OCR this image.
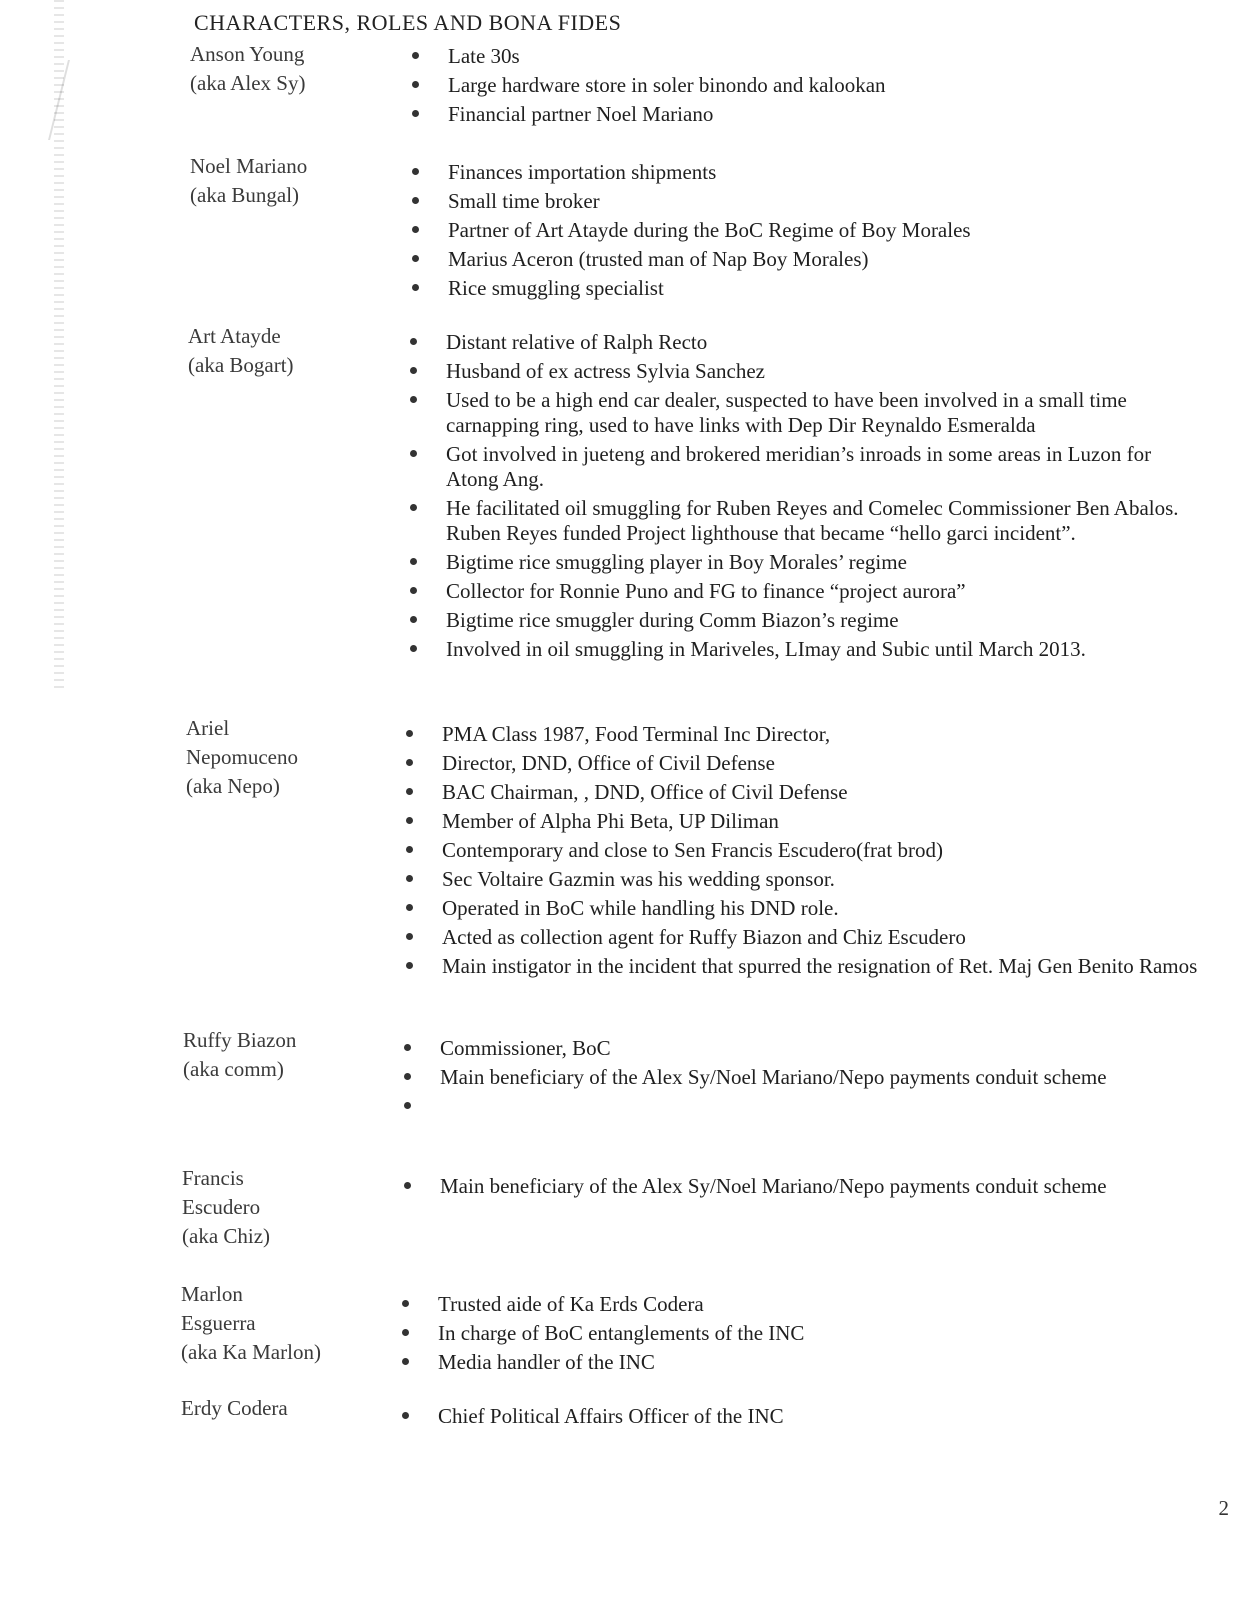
CHARACTERS, ROLES AND BONA FIDES
Anson Young
(aka Alex Sy)
Late 30s
Large hardware store in soler binondo and kalookan
Financial partner Noel Mariano
Noel Mariano
(aka Bungal)
Finances importation shipments
Small time broker
Partner of Art Atayde during the BoC Regime of Boy Morales
Marius Aceron (trusted man of Nap Boy Morales)
Rice smuggling specialist
Art Atayde
(aka Bogart)
Distant relative of Ralph Recto
Husband of ex actress Sylvia Sanchez
Used to be a high end car dealer, suspected to have been involved in a small time carnapping ring, used to have links with Dep Dir Reynaldo Esmeralda
Got involved in jueteng and brokered meridian’s inroads in some areas in Luzon for Atong Ang.
He facilitated oil smuggling for Ruben Reyes and Comelec Commissioner Ben Abalos. Ruben Reyes funded Project lighthouse that became “hello garci incident”.
Bigtime rice smuggling player in Boy Morales’ regime
Collector for Ronnie Puno and FG to finance “project aurora”
Bigtime rice smuggler during Comm Biazon’s regime
Involved in oil smuggling in Mariveles, LImay and Subic until March 2013.
Ariel
Nepomuceno
(aka Nepo)
PMA Class 1987, Food Terminal Inc Director,
Director, DND, Office of Civil Defense
BAC Chairman, , DND, Office of Civil Defense
Member of Alpha Phi Beta, UP Diliman
Contemporary and close to Sen Francis Escudero(frat brod)
Sec Voltaire Gazmin was his wedding sponsor.
Operated in BoC while handling his DND role.
Acted as collection agent for Ruffy Biazon and Chiz Escudero
Main instigator in the incident that spurred the resignation of Ret. Maj Gen Benito Ramos
Ruffy Biazon
(aka comm)
Commissioner, BoC
Main beneficiary of the Alex Sy/Noel Mariano/Nepo payments conduit scheme
Francis
Escudero
(aka Chiz)
Main beneficiary of the Alex Sy/Noel Mariano/Nepo payments conduit scheme
Marlon
Esguerra
(aka Ka Marlon)
Trusted aide of Ka Erds Codera
In charge of BoC entanglements of the INC
Media handler of the INC
Erdy Codera	Chief Political Affairs Officer of the INC
2
